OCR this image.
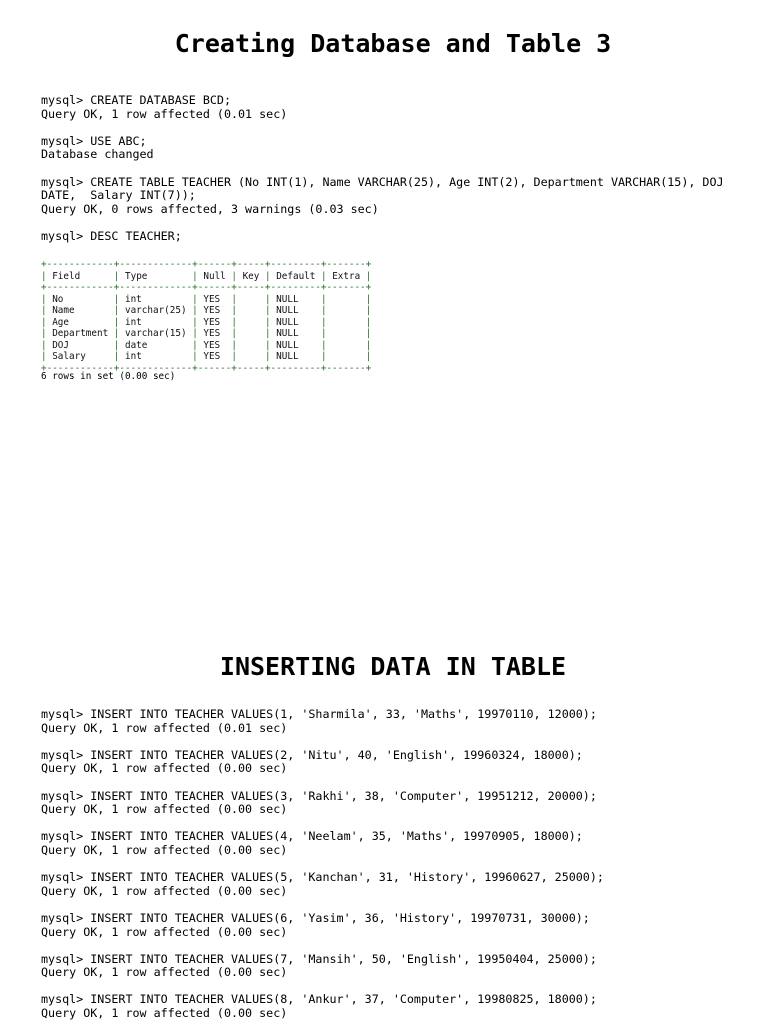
Creating Database and Table 3
mysql> CREATE DATABASE BCD;
Query OK, 1 row affected (0.01 sec)
mysql> USE ABC;
Database changed
mysql> CREATE TABLE TEACHER (No INT(1), Name VARCHAR(25), Age INT(2), Department VARCHAR(15), DOJ
DATE,  Salary INT(7));
Query OK, 0 rows affected, 3 warnings (0.03 sec)
mysql> DESC TEACHER;
+------------+-------------+------+-----+---------+-------+
| Field	| Type	| Null | Key | Default | Extra |
+------------+-------------+------+-----+---------+-------+
| No	| int	| YES |     | NULL |	|
| Name	| varchar(25) | YES |     | NULL |	|
| Age	| int	| YES |     | NULL |	|
| Department | varchar(15) | YES |     | NULL |	|
| DOJ	| date	| YES |     | NULL |	|
| Salary	| int	| YES |     | NULL |	|
+------------+-------------+------+-----+---------+-------+
6 rows in set (0.00 sec)
INSERTING DATA IN TABLE
mysql> INSERT INTO TEACHER VALUES(1, 'Sharmila', 33, 'Maths', 19970110, 12000);
Query OK, 1 row affected (0.01 sec)
mysql> INSERT INTO TEACHER VALUES(2, 'Nitu', 40, 'English', 19960324, 18000);
Query OK, 1 row affected (0.00 sec)
mysql> INSERT INTO TEACHER VALUES(3, 'Rakhi', 38, 'Computer', 19951212, 20000);
Query OK, 1 row affected (0.00 sec)
mysql> INSERT INTO TEACHER VALUES(4, 'Neelam', 35, 'Maths', 19970905, 18000);
Query OK, 1 row affected (0.00 sec)
mysql> INSERT INTO TEACHER VALUES(5, 'Kanchan', 31, 'History', 19960627, 25000);
Query OK, 1 row affected (0.00 sec)
mysql> INSERT INTO TEACHER VALUES(6, 'Yasim', 36, 'History', 19970731, 30000);
Query OK, 1 row affected (0.00 sec)
mysql> INSERT INTO TEACHER VALUES(7, 'Mansih', 50, 'English', 19950404, 25000);
Query OK, 1 row affected (0.00 sec)
mysql> INSERT INTO TEACHER VALUES(8, 'Ankur', 37, 'Computer', 19980825, 18000);
Query OK, 1 row affected (0.00 sec)
